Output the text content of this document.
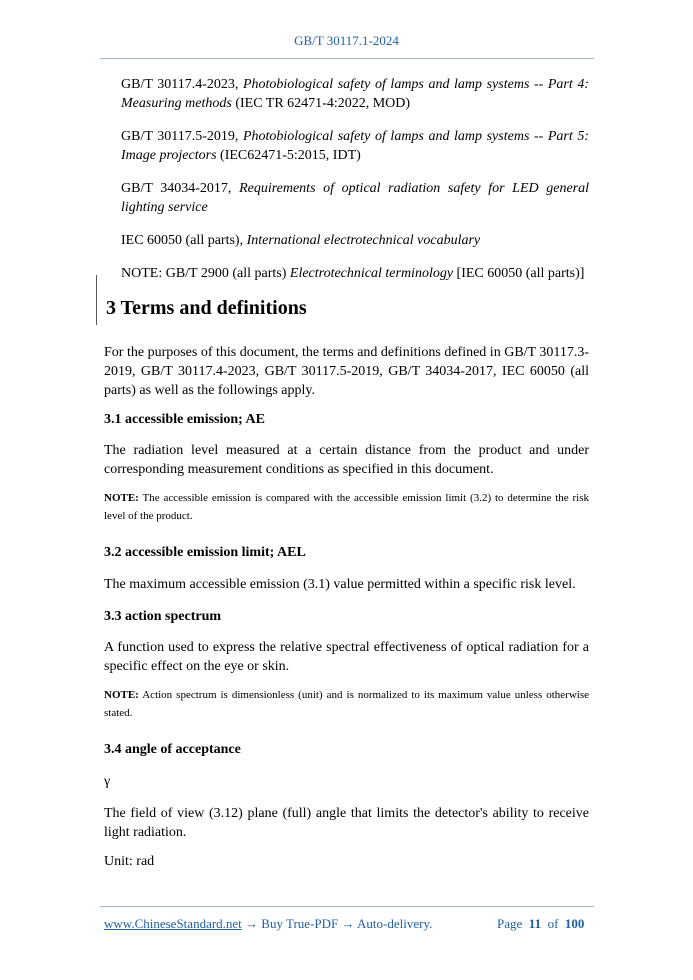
GB/T 30117.1-2024

GB/T 30117.4-2023, Photobiological safety of lamps and lamp systems -- Part 4: Measuring methods (IEC TR 62471-4:2022, MOD)

GB/T 30117.5-2019, Photobiological safety of lamps and lamp systems -- Part 5: Image projectors (IEC62471-5:2015, IDT)

GB/T 34034-2017, Requirements of optical radiation safety for LED general lighting service

IEC 60050 (all parts), International electrotechnical vocabulary

NOTE: GB/T 2900 (all parts) Electrotechnical terminology [IEC 60050 (all parts)]

3 Terms and definitions

For the purposes of this document, the terms and definitions defined in GB/T 30117.3-2019, GB/T 30117.4-2023, GB/T 30117.5-2019, GB/T 34034-2017, IEC 60050 (all parts) as well as the followings apply.

3.1 accessible emission; AE

The radiation level measured at a certain distance from the product and under corresponding measurement conditions as specified in this document.

NOTE: The accessible emission is compared with the accessible emission limit (3.2) to determine the risk level of the product.

3.2 accessible emission limit; AEL

The maximum accessible emission (3.1) value permitted within a specific risk level.

3.3 action spectrum

A function used to express the relative spectral effectiveness of optical radiation for a specific effect on the eye or skin.

NOTE: Action spectrum is dimensionless (unit) and is normalized to its maximum value unless otherwise stated.

3.4 angle of acceptance

γ

The field of view (3.12) plane (full) angle that limits the detector's ability to receive light radiation.

Unit: rad

www.ChineseStandard.net → Buy True-PDF → Auto-delivery.	Page 11 of 100
